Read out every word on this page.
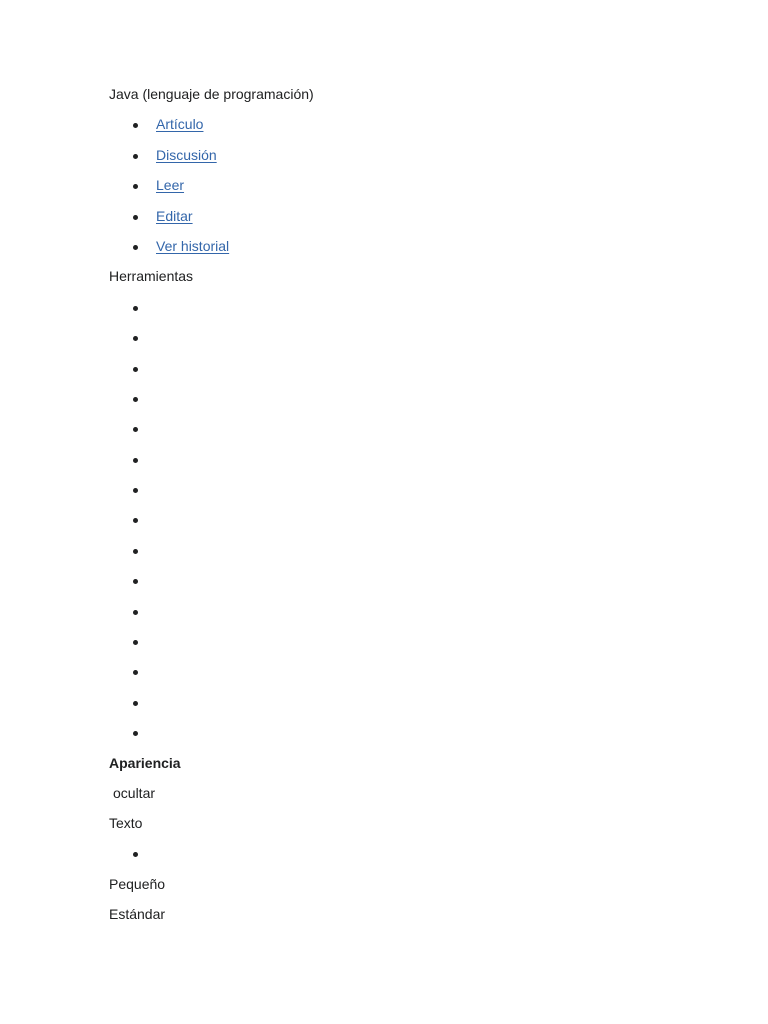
Java (lenguaje de programación)
Artículo
Discusión
Leer
Editar
Ver historial
Herramientas
Apariencia
ocultar
Texto
Pequeño
Estándar
